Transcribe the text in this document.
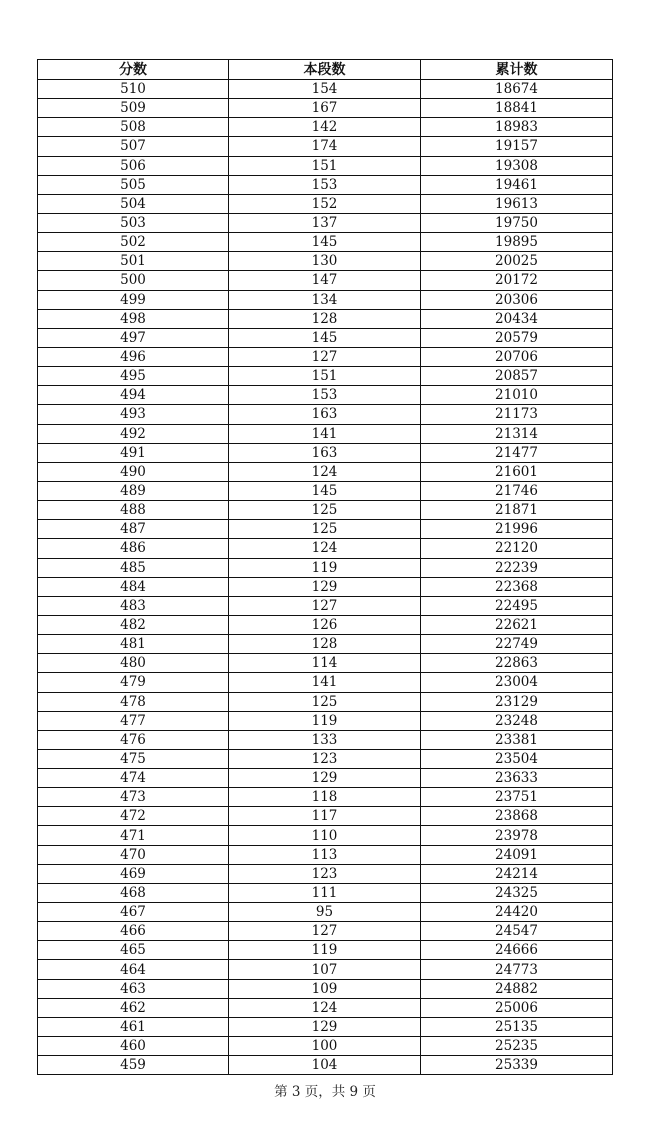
分数	本段数	累计数
510	154	18674
509	167	18841
508	142	18983
507	174	19157
506	151	19308
505	153	19461
504	152	19613
503	137	19750
502	145	19895
501	130	20025
500	147	20172
499	134	20306
498	128	20434
497	145	20579
496	127	20706
495	151	20857
494	153	21010
493	163	21173
492	141	21314
491	163	21477
490	124	21601
489	145	21746
488	125	21871
487	125	21996
486	124	22120
485	119	22239
484	129	22368
483	127	22495
482	126	22621
481	128	22749
480	114	22863
479	141	23004
478	125	23129
477	119	23248
476	133	23381
475	123	23504
474	129	23633
473	118	23751
472	117	23868
471	110	23978
470	113	24091
469	123	24214
468	111	24325
467	95	24420
466	127	24547
465	119	24666
464	107	24773
463	109	24882
462	124	25006
461	129	25135
460	100	25235
459	104	25339
第 3 页，共 9 页
